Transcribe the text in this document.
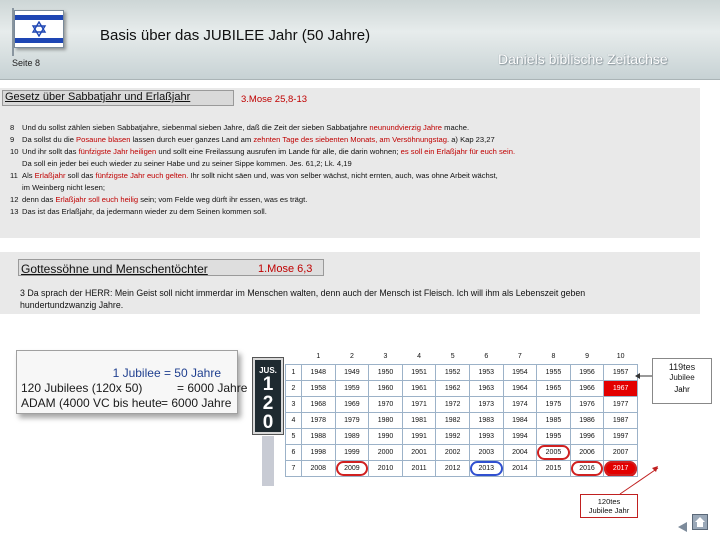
Basis über das JUBILEE Jahr (50 Jahre)
Daniels biblische Zeitachse
Seite 8
Gesetz über Sabbatjahr und Erlaßjahr	3.Mose 25,8-13
8 Und du sollst zählen sieben Sabbatjahre, siebenmal sieben Jahre, daß die Zeit der sieben Sabbatjahre neunundvierzig Jahre mache.
9 Da sollst du die Posaune blasen lassen durch euer ganzes Land am zehnten Tage des siebenten Monats, am Versöhnungstag. a) Kap 23,27
10 Und ihr sollt das fünfzigste Jahr heiligen und sollt eine Freilassung ausrufen im Lande für alle, die darin wohnen; es soll ein Erlaßjahr für euch sein.
Da soll ein jeder bei euch wieder zu seiner Habe und zu seiner Sippe kommen. Jes. 61,2; Lk. 4,19
11 Als Erlaßjahr soll das fünfzigste Jahr euch gelten. Ihr sollt nicht säen und, was von selber wächst, nicht ernten, auch, was ohne Arbeit wächst,
im Weinberg nicht lesen;
12 denn das Erlaßjahr soll euch heilig sein; vom Felde weg dürft ihr essen, was es trägt.
13 Das ist das Erlaßjahr, da jedermann wieder zu dem Seinen kommen soll.
Gottessöhne und Menschentöchter	1.Mose 6,3
3 Da sprach der HERR: Mein Geist soll nicht immerdar im Menschen walten, denn auch der Mensch ist Fleisch. Ich will ihm als Lebenszeit geben
hundertundzwanzig Jahre.
1 Jubilee = 50 Jahre
120 Jubilees (120x 50)	= 6000 Jahre
ADAM (4000 VC bis heute = 6000 Jahre
JUS.
1
2
0
	1	2	3	4	5	6	7	8	9	10
1	1948	1949	1950	1951	1952	1953	1954	1955	1956	1957
2	1958	1959	1960	1961	1962	1963	1964	1965	1966	1967
3	1968	1969	1970	1971	1972	1973	1974	1975	1976	1977
4	1978	1979	1980	1981	1982	1983	1984	1985	1986	1987
5	1988	1989	1990	1991	1992	1993	1994	1995	1996	1997
6	1998	1999	2000	2001	2002	2003	2004	2005	2006	2007
7	2008	2009	2010	2011	2012	2013	2014	2015	2016	2017
119tes
Jubilee
Jahr
120tes
Jubilee Jahr
